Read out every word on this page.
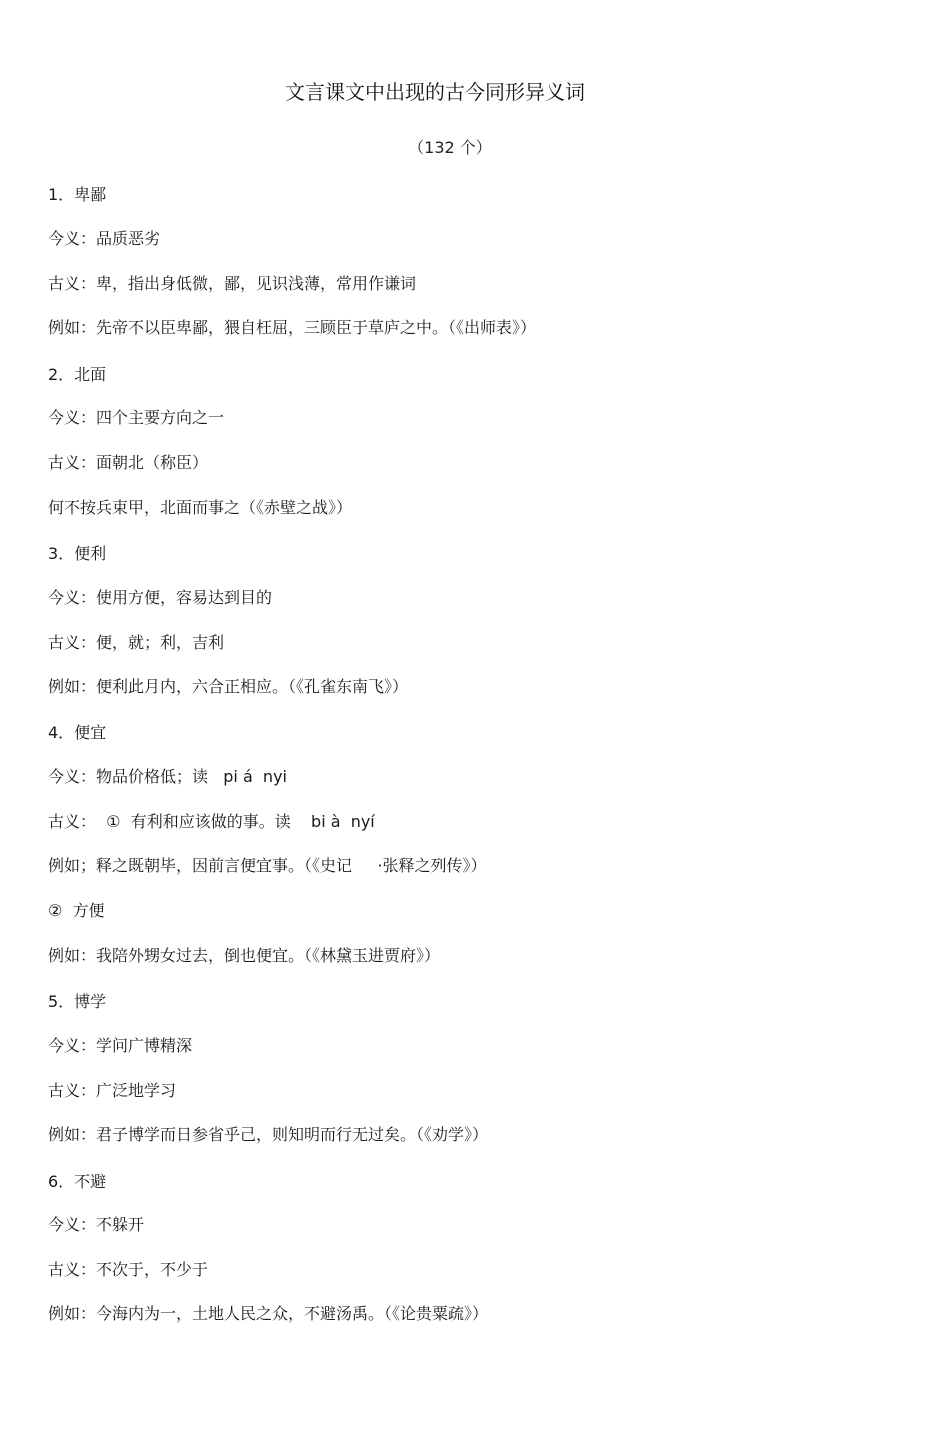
文言课文中出现的古今同形异义词
（132 个）
1．卑鄙
今义：品质恶劣
古义：卑，指出身低微，鄙，见识浅薄，常用作谦词
例如：先帝不以臣卑鄙，猥自枉屈，三顾臣于草庐之中。（《出师表》）
2．北面
今义：四个主要方向之一
古义：面朝北（称臣）
何不按兵束甲，北面而事之（《赤壁之战》）
3．便利
今义：使用方便，容易达到目的
古义：便，就；利，吉利
例如：便利此月内，六合正相应。（《孔雀东南飞》）
4．便宜
今义：物品价格低；读   pi á  nyi
古义：  ①  有利和应该做的事。读    bi à  nyí
例如；释之既朝毕，因前言便宜事。（《史记     ·张释之列传》）
②  方便
例如：我陪外甥女过去，倒也便宜。（《林黛玉进贾府》）
5．博学
今义：学问广博精深
古义：广泛地学习
例如：君子博学而日参省乎己，则知明而行无过矣。（《劝学》）
6．不避
今义：不躲开
古义：不次于，不少于
例如：今海内为一，土地人民之众，不避汤禹。（《论贵粟疏》）
